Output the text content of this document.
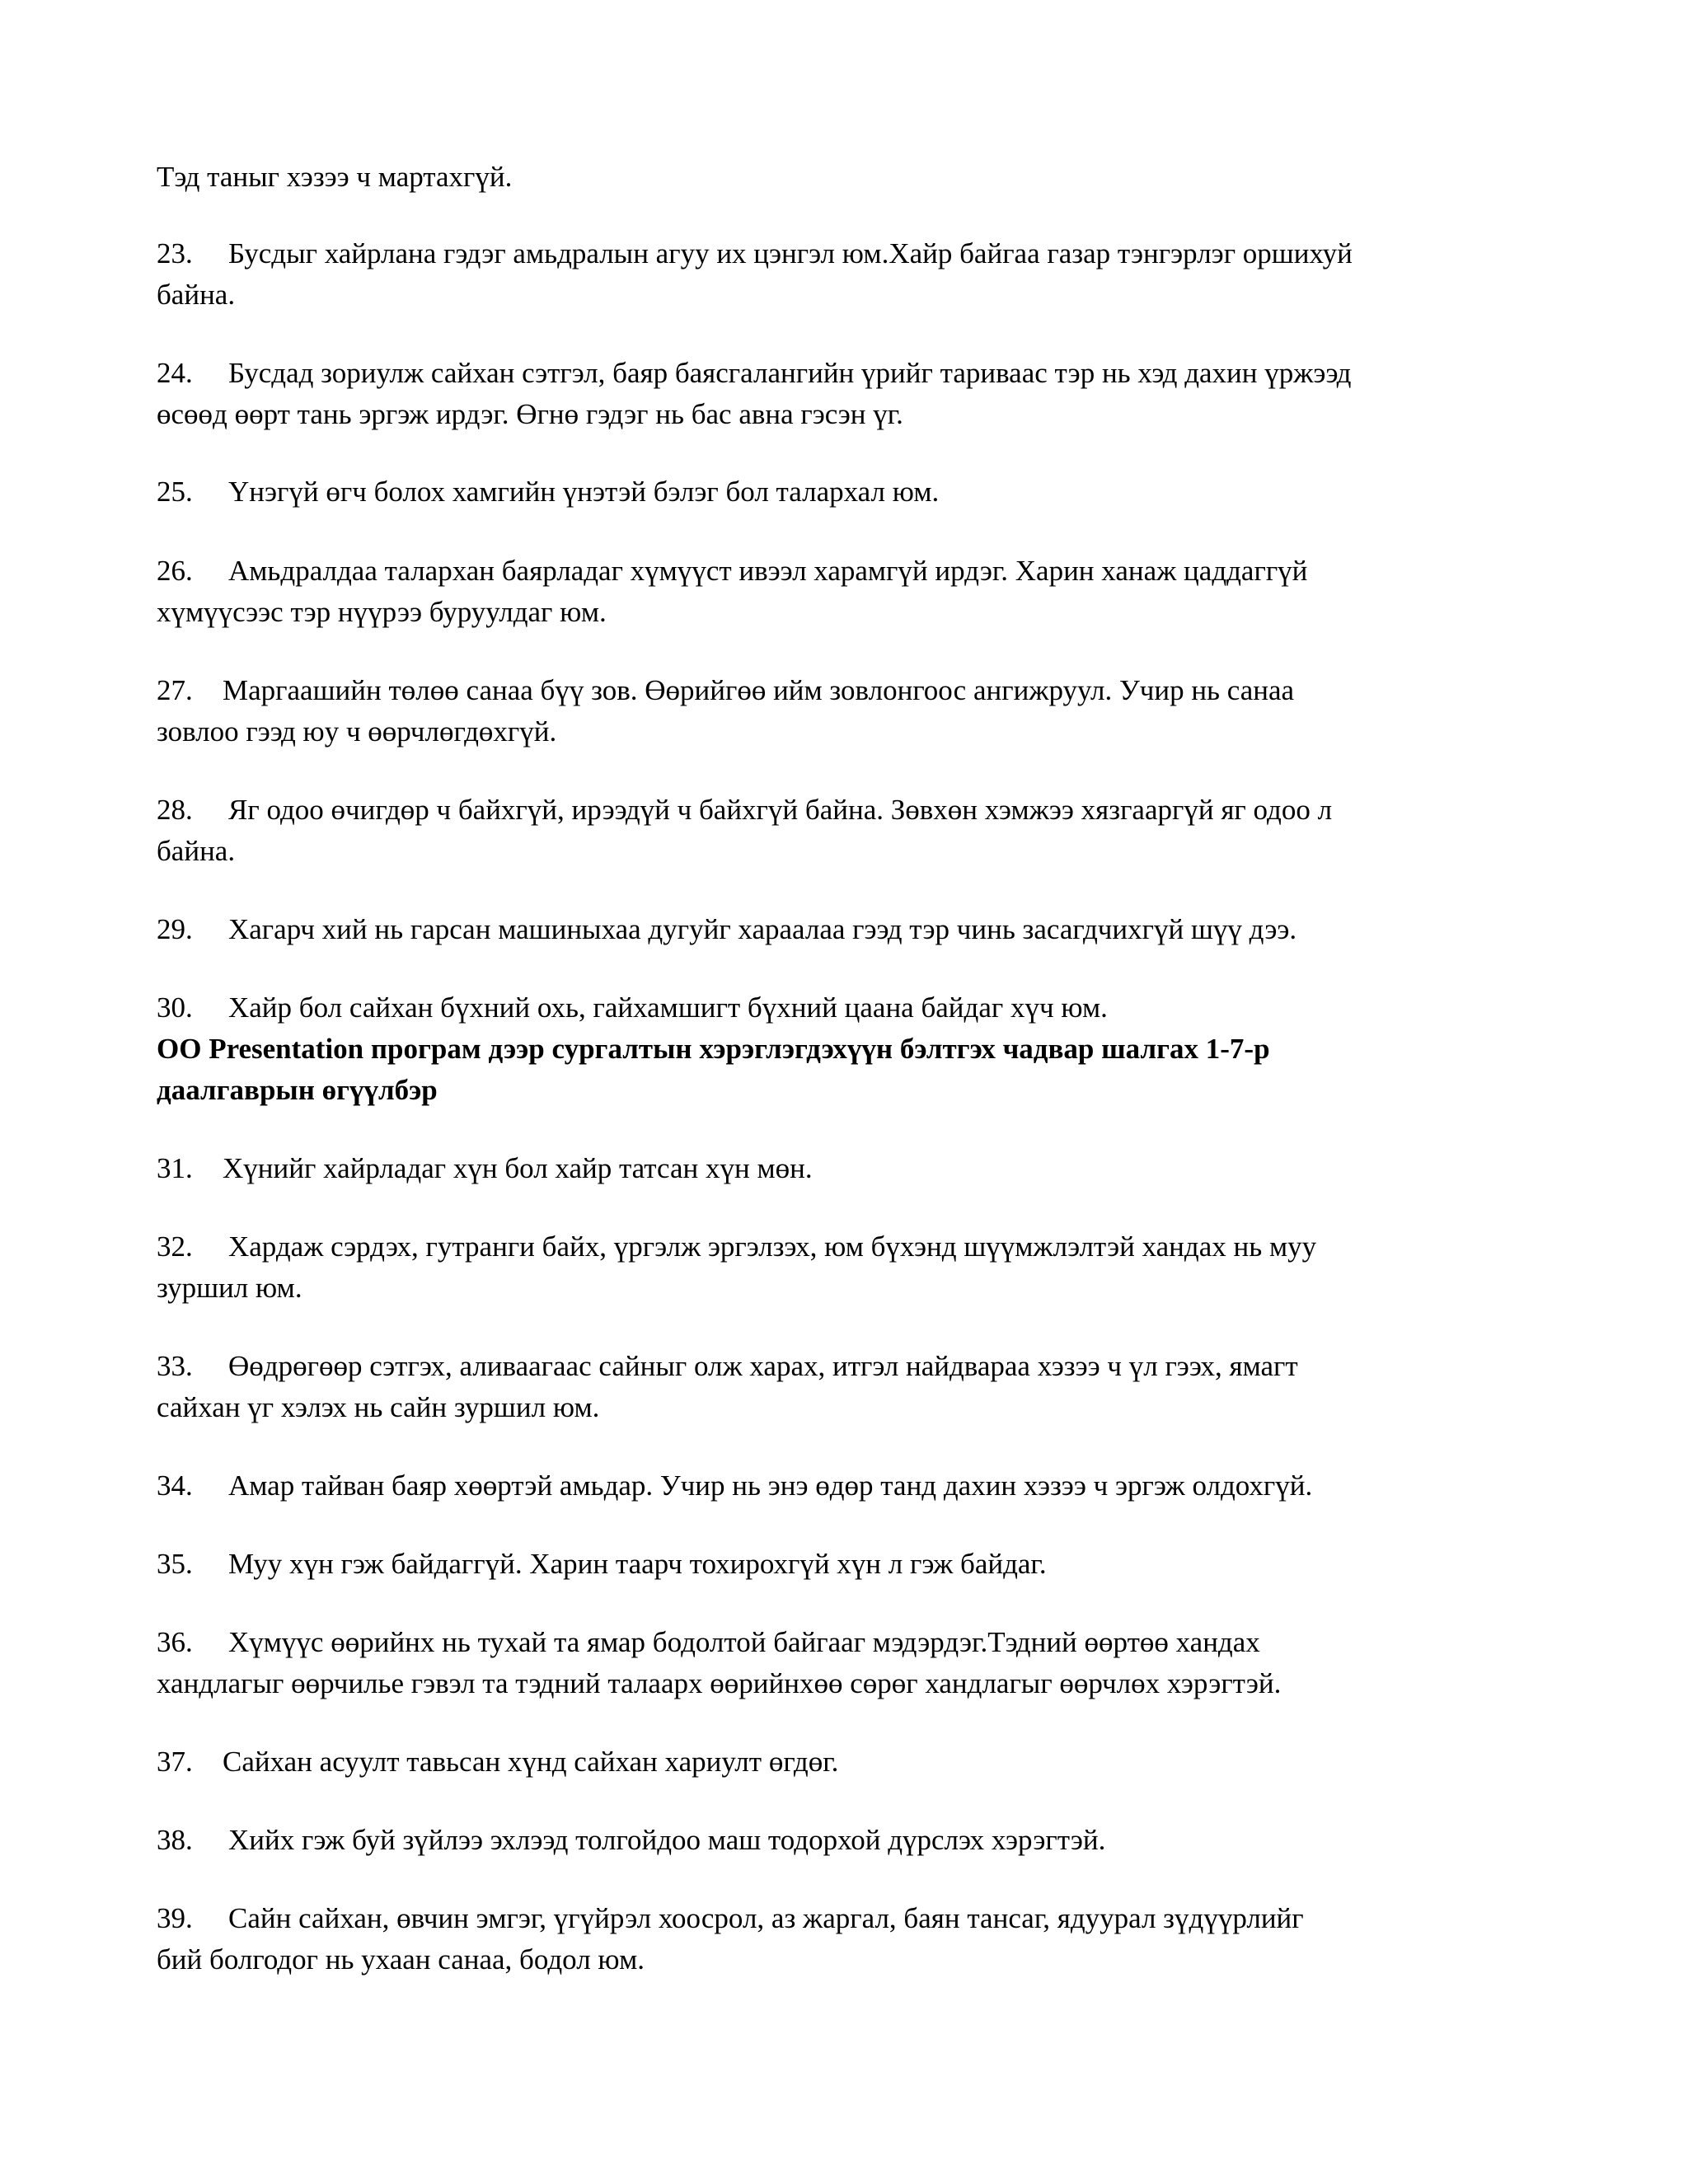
Тэд таныг хэзээ ч мартахгүй.
23. Бусдыг хайрлана гэдэг амьдралын агуу их цэнгэл юм.Хайр байгаа газар тэнгэрлэг оршихуй
байна.
24. Бусдад зориулж сайхан сэтгэл, баяр баясгалангийн үрийг тариваас тэр нь хэд дахин үржээд
өсөөд өөрт тань эргэж ирдэг. Өгнө гэдэг нь бас авна гэсэн үг.
25. Үнэгүй өгч болох хамгийн үнэтэй бэлэг бол талархал юм.
26. Амьдралдаа талархан баярладаг хүмүүст ивээл харамгүй ирдэг. Харин ханаж цаддаггүй
хүмүүсээс тэр нүүрээ буруулдаг юм.
27. Маргаашийн төлөө санаа бүү зов. Өөрийгөө ийм зовлонгоос ангижруул. Учир нь санаа
зовлоо гээд юу ч өөрчлөгдөхгүй.
28. Яг одоо өчигдөр ч байхгүй, ирээдүй ч байхгүй байна. Зөвхөн хэмжээ хязгааргүй яг одоо л
байна.
29. Хагарч хий нь гарсан машиныхаа дугуйг хараалаа гээд тэр чинь засагдчихгүй шүү дээ.
30. Хайр бол сайхан бүхний охь, гайхамшигт бүхний цаана байдаг хүч юм.
OO Presentation програм дээр сургалтын хэрэглэгдэхүүн бэлтгэх чадвар шалгах 1-7-р
даалгаврын өгүүлбэр
31. Хүнийг хайрладаг хүн бол хайр татсан хүн мөн.
32. Хардаж сэрдэх, гутранги байх, үргэлж эргэлзэх, юм бүхэнд шүүмжлэлтэй хандах нь муу
зуршил юм.
33. Өөдрөгөөр сэтгэх, аливаагаас сайныг олж харах, итгэл найдвараа хэзээ ч үл гээх, ямагт
сайхан үг хэлэх нь сайн зуршил юм.
34. Амар тайван баяр хөөртэй амьдар. Учир нь энэ өдөр танд дахин хэзээ ч эргэж олдохгүй.
35. Муу хүн гэж байдаггүй. Харин таарч тохирохгүй хүн л гэж байдаг.
36. Хүмүүс өөрийнх нь тухай та ямар бодолтой байгааг мэдэрдэг.Тэдний өөртөө хандах
хандлагыг өөрчилье гэвэл та тэдний талаарх өөрийнхөө сөрөг хандлагыг өөрчлөх хэрэгтэй.
37. Сайхан асуулт тавьсан хүнд сайхан хариулт өгдөг.
38. Хийх гэж буй зүйлээ эхлээд толгойдоо маш тодорхой дүрслэх хэрэгтэй.
39. Сайн сайхан, өвчин эмгэг, үгүйрэл хоосрол, аз жаргал, баян тансаг, ядуурал зүдүүрлийг
бий болгодог нь ухаан санаа, бодол юм.
